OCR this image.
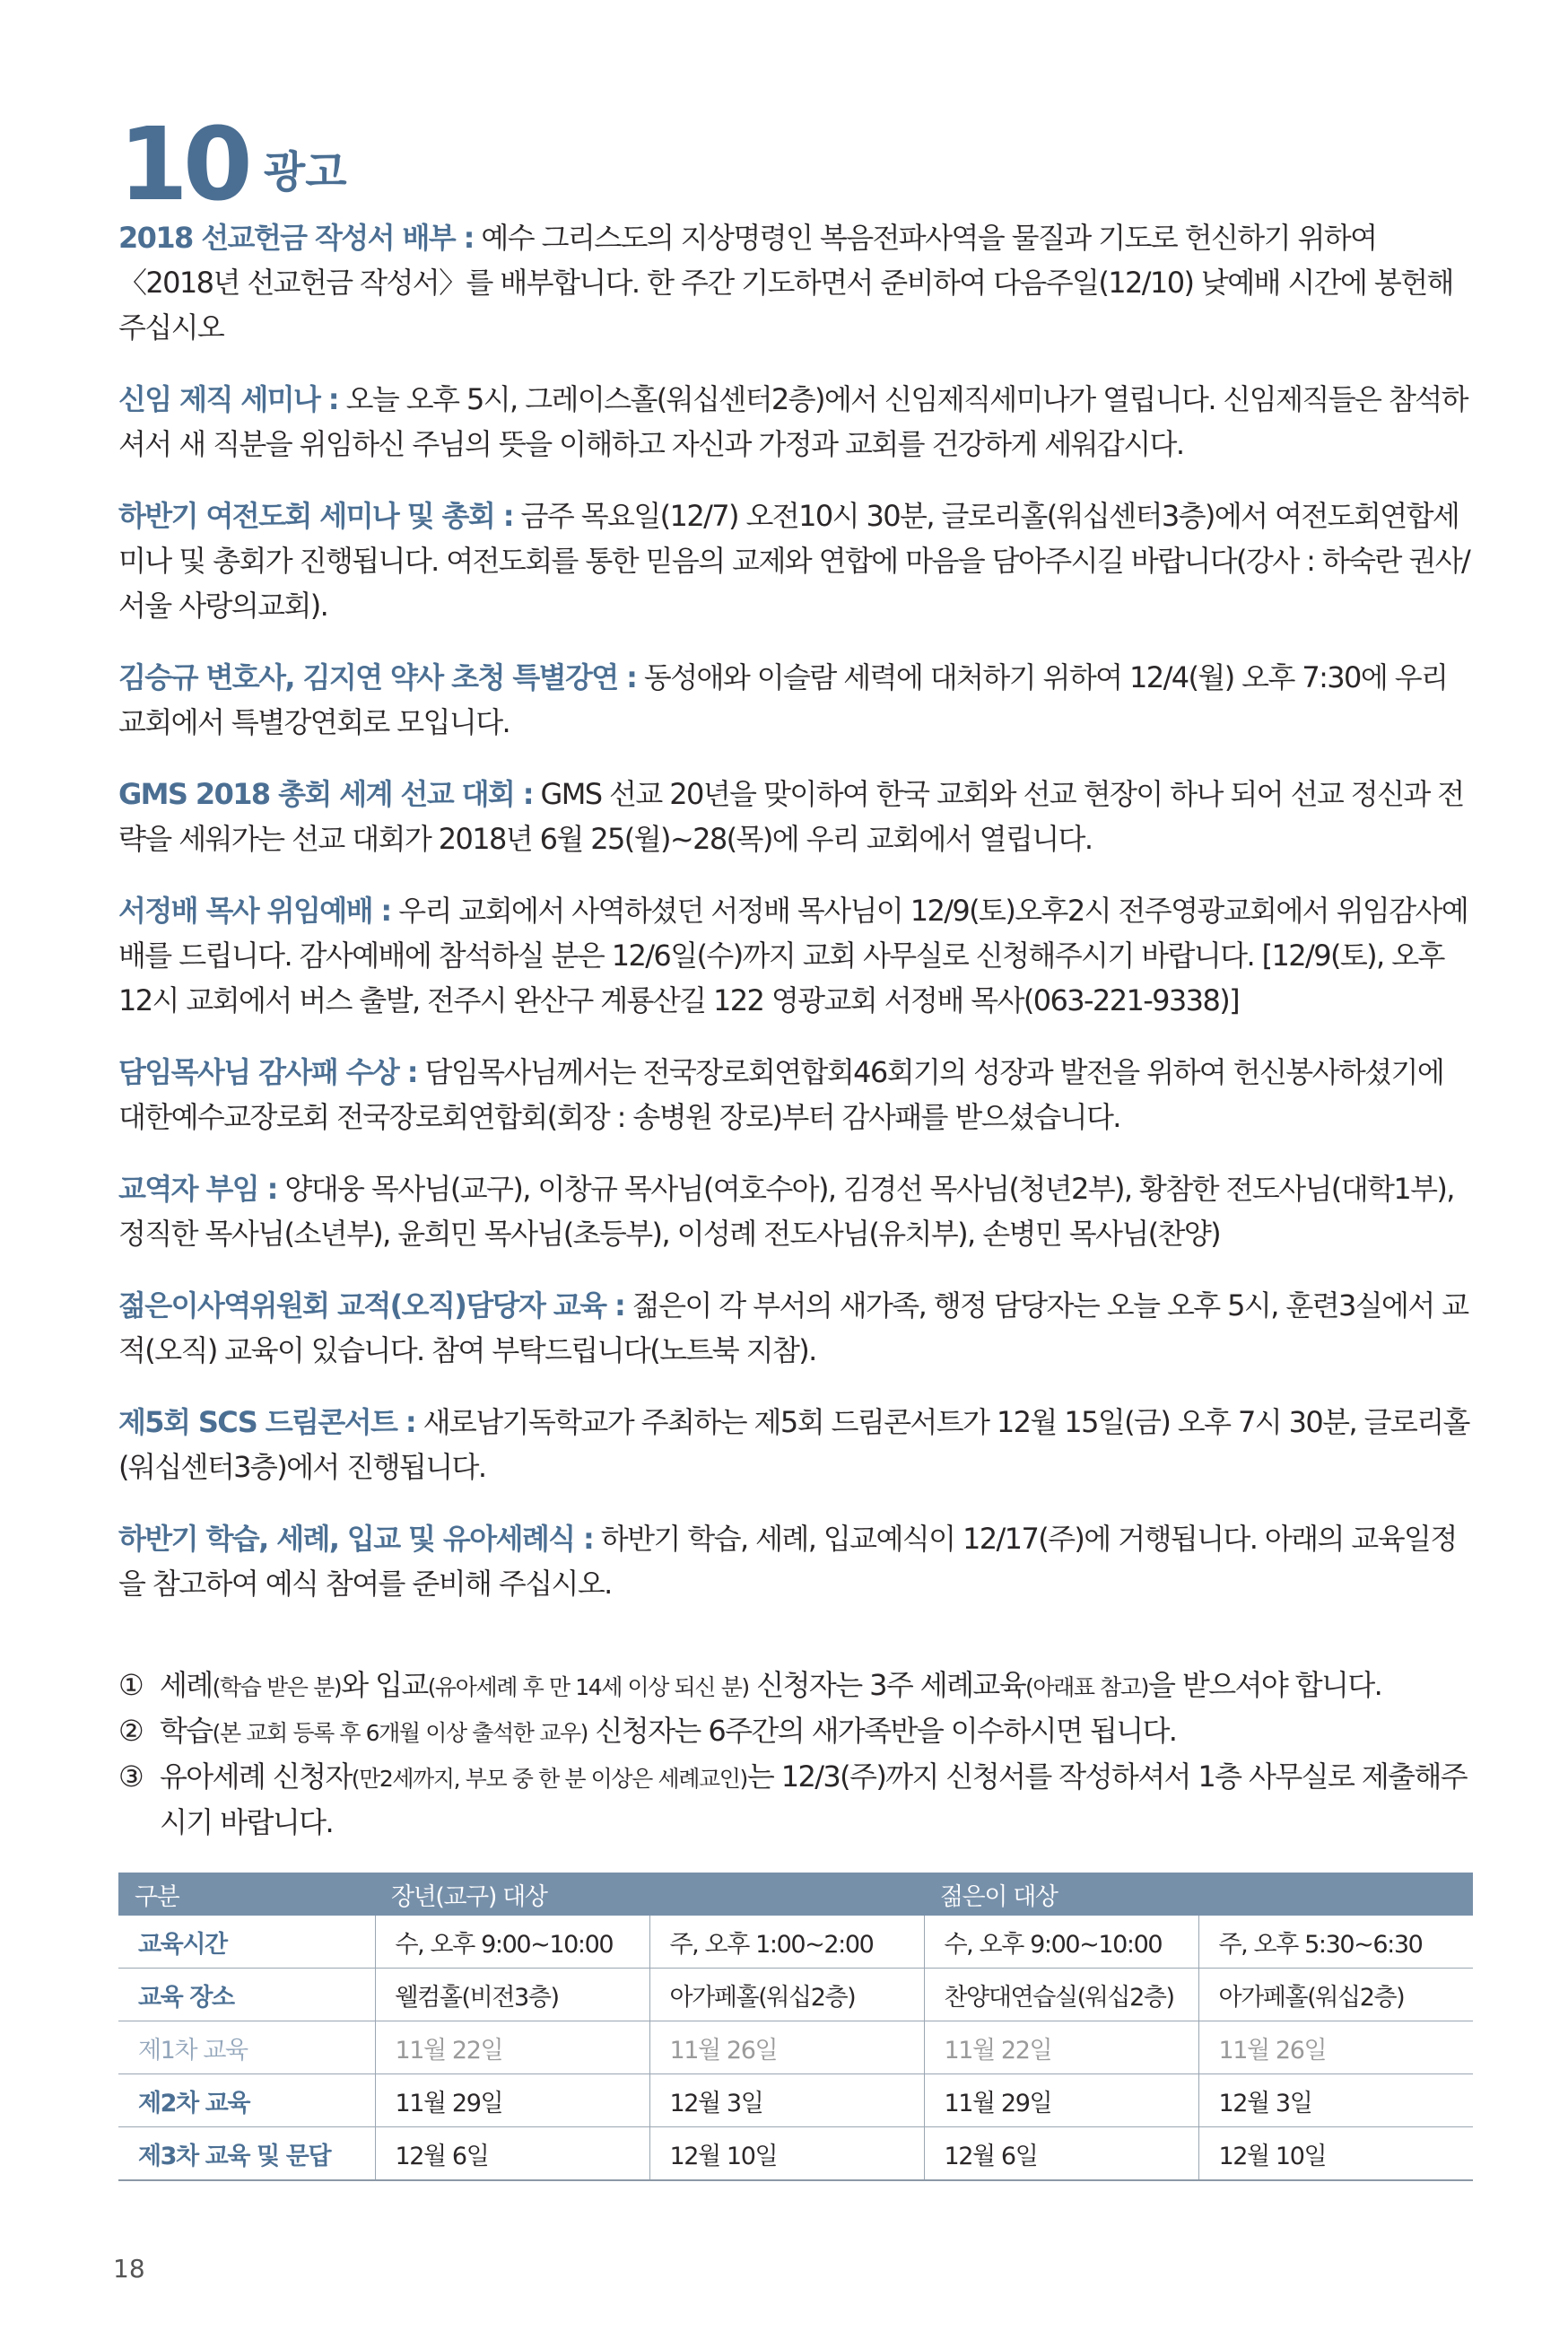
10 광고

2018 선교헌금 작성서 배부 : 예수 그리스도의 지상명령인 복음전파사역을 물질과 기도로 헌신하기 위하여 〈2018년 선교헌금 작성서〉를 배부합니다. 한 주간 기도하면서 준비하여 다음주일(12/10) 낮예배 시간에 봉헌해 주십시오

신임 제직 세미나 : 오늘 오후 5시, 그레이스홀(워십센터2층)에서 신임제직세미나가 열립니다. 신임제직들은 참석하셔서 새 직분을 위임하신 주님의 뜻을 이해하고 자신과 가정과 교회를 건강하게 세워갑시다.

하반기 여전도회 세미나 및 총회 : 금주 목요일(12/7) 오전10시 30분, 글로리홀(워십센터3층)에서 여전도회연합세미나 및 총회가 진행됩니다. 여전도회를 통한 믿음의 교제와 연합에 마음을 담아주시길 바랍니다(강사 : 하숙란 권사/서울 사랑의교회).

김승규 변호사, 김지연 약사 초청 특별강연 : 동성애와 이슬람 세력에 대처하기 위하여 12/4(월) 오후 7:30에 우리 교회에서 특별강연회로 모입니다.

GMS 2018 총회 세계 선교 대회 : GMS 선교 20년을 맞이하여 한국 교회와 선교 현장이 하나 되어 선교 정신과 전략을 세워가는 선교 대회가 2018년 6월 25(월)~28(목)에 우리 교회에서 열립니다.

서정배 목사 위임예배 : 우리 교회에서 사역하셨던 서정배 목사님이 12/9(토)오후2시 전주영광교회에서 위임감사예배를 드립니다. 감사예배에 참석하실 분은 12/6일(수)까지 교회 사무실로 신청해주시기 바랍니다. [12/9(토), 오후12시 교회에서 버스 출발, 전주시 완산구 계룡산길 122 영광교회 서정배 목사(063-221-9338)]

담임목사님 감사패 수상 : 담임목사님께서는 전국장로회연합회46회기의 성장과 발전을 위하여 헌신봉사하셨기에 대한예수교장로회 전국장로회연합회(회장 : 송병원 장로)부터 감사패를 받으셨습니다.

교역자 부임 : 양대웅 목사님(교구), 이창규 목사님(여호수아), 김경선 목사님(청년2부), 황참한 전도사님(대학1부), 정직한 목사님(소년부), 윤희민 목사님(초등부), 이성례 전도사님(유치부), 손병민 목사님(찬양)

젊은이사역위원회 교적(오직)담당자 교육 : 젊은이 각 부서의 새가족, 행정 담당자는 오늘 오후 5시, 훈련3실에서 교적(오직) 교육이 있습니다. 참여 부탁드립니다(노트북 지참).

제5회 SCS 드림콘서트 : 새로남기독학교가 주최하는 제5회 드림콘서트가 12월 15일(금) 오후 7시 30분, 글로리홀(워십센터3층)에서 진행됩니다.

하반기 학습, 세례, 입교 및 유아세례식 : 하반기 학습, 세례, 입교예식이 12/17(주)에 거행됩니다. 아래의 교육일정을 참고하여 예식 참여를 준비해 주십시오.

① 세례(학습 받은 분)와 입교(유아세례 후 만 14세 이상 되신 분) 신청자는 3주 세례교육(아래표 참고)을 받으셔야 합니다.
② 학습(본 교회 등록 후 6개월 이상 출석한 교우) 신청자는 6주간의 새가족반을 이수하시면 됩니다.
③ 유아세례 신청자(만2세까지, 부모 중 한 분 이상은 세례교인)는 12/3(주)까지 신청서를 작성하셔서 1층 사무실로 제출해주시기 바랍니다.
구분	장년(교구) 대상		젊은이 대상	
교육시간	수, 오후 9:00~10:00	주, 오후 1:00~2:00	수, 오후 9:00~10:00	주, 오후 5:30~6:30
교육 장소	웰컴홀(비전3층)	아가페홀(워십2층)	찬양대연습실(워십2층)	아가페홀(워십2층)
제1차 교육	11월 22일	11월 26일	11월 22일	11월 26일
제2차 교육	11월 29일	12월 3일	11월 29일	12월 3일
제3차 교육 및 문답	12월 6일	12월 10일	12월 6일	12월 10일
18
